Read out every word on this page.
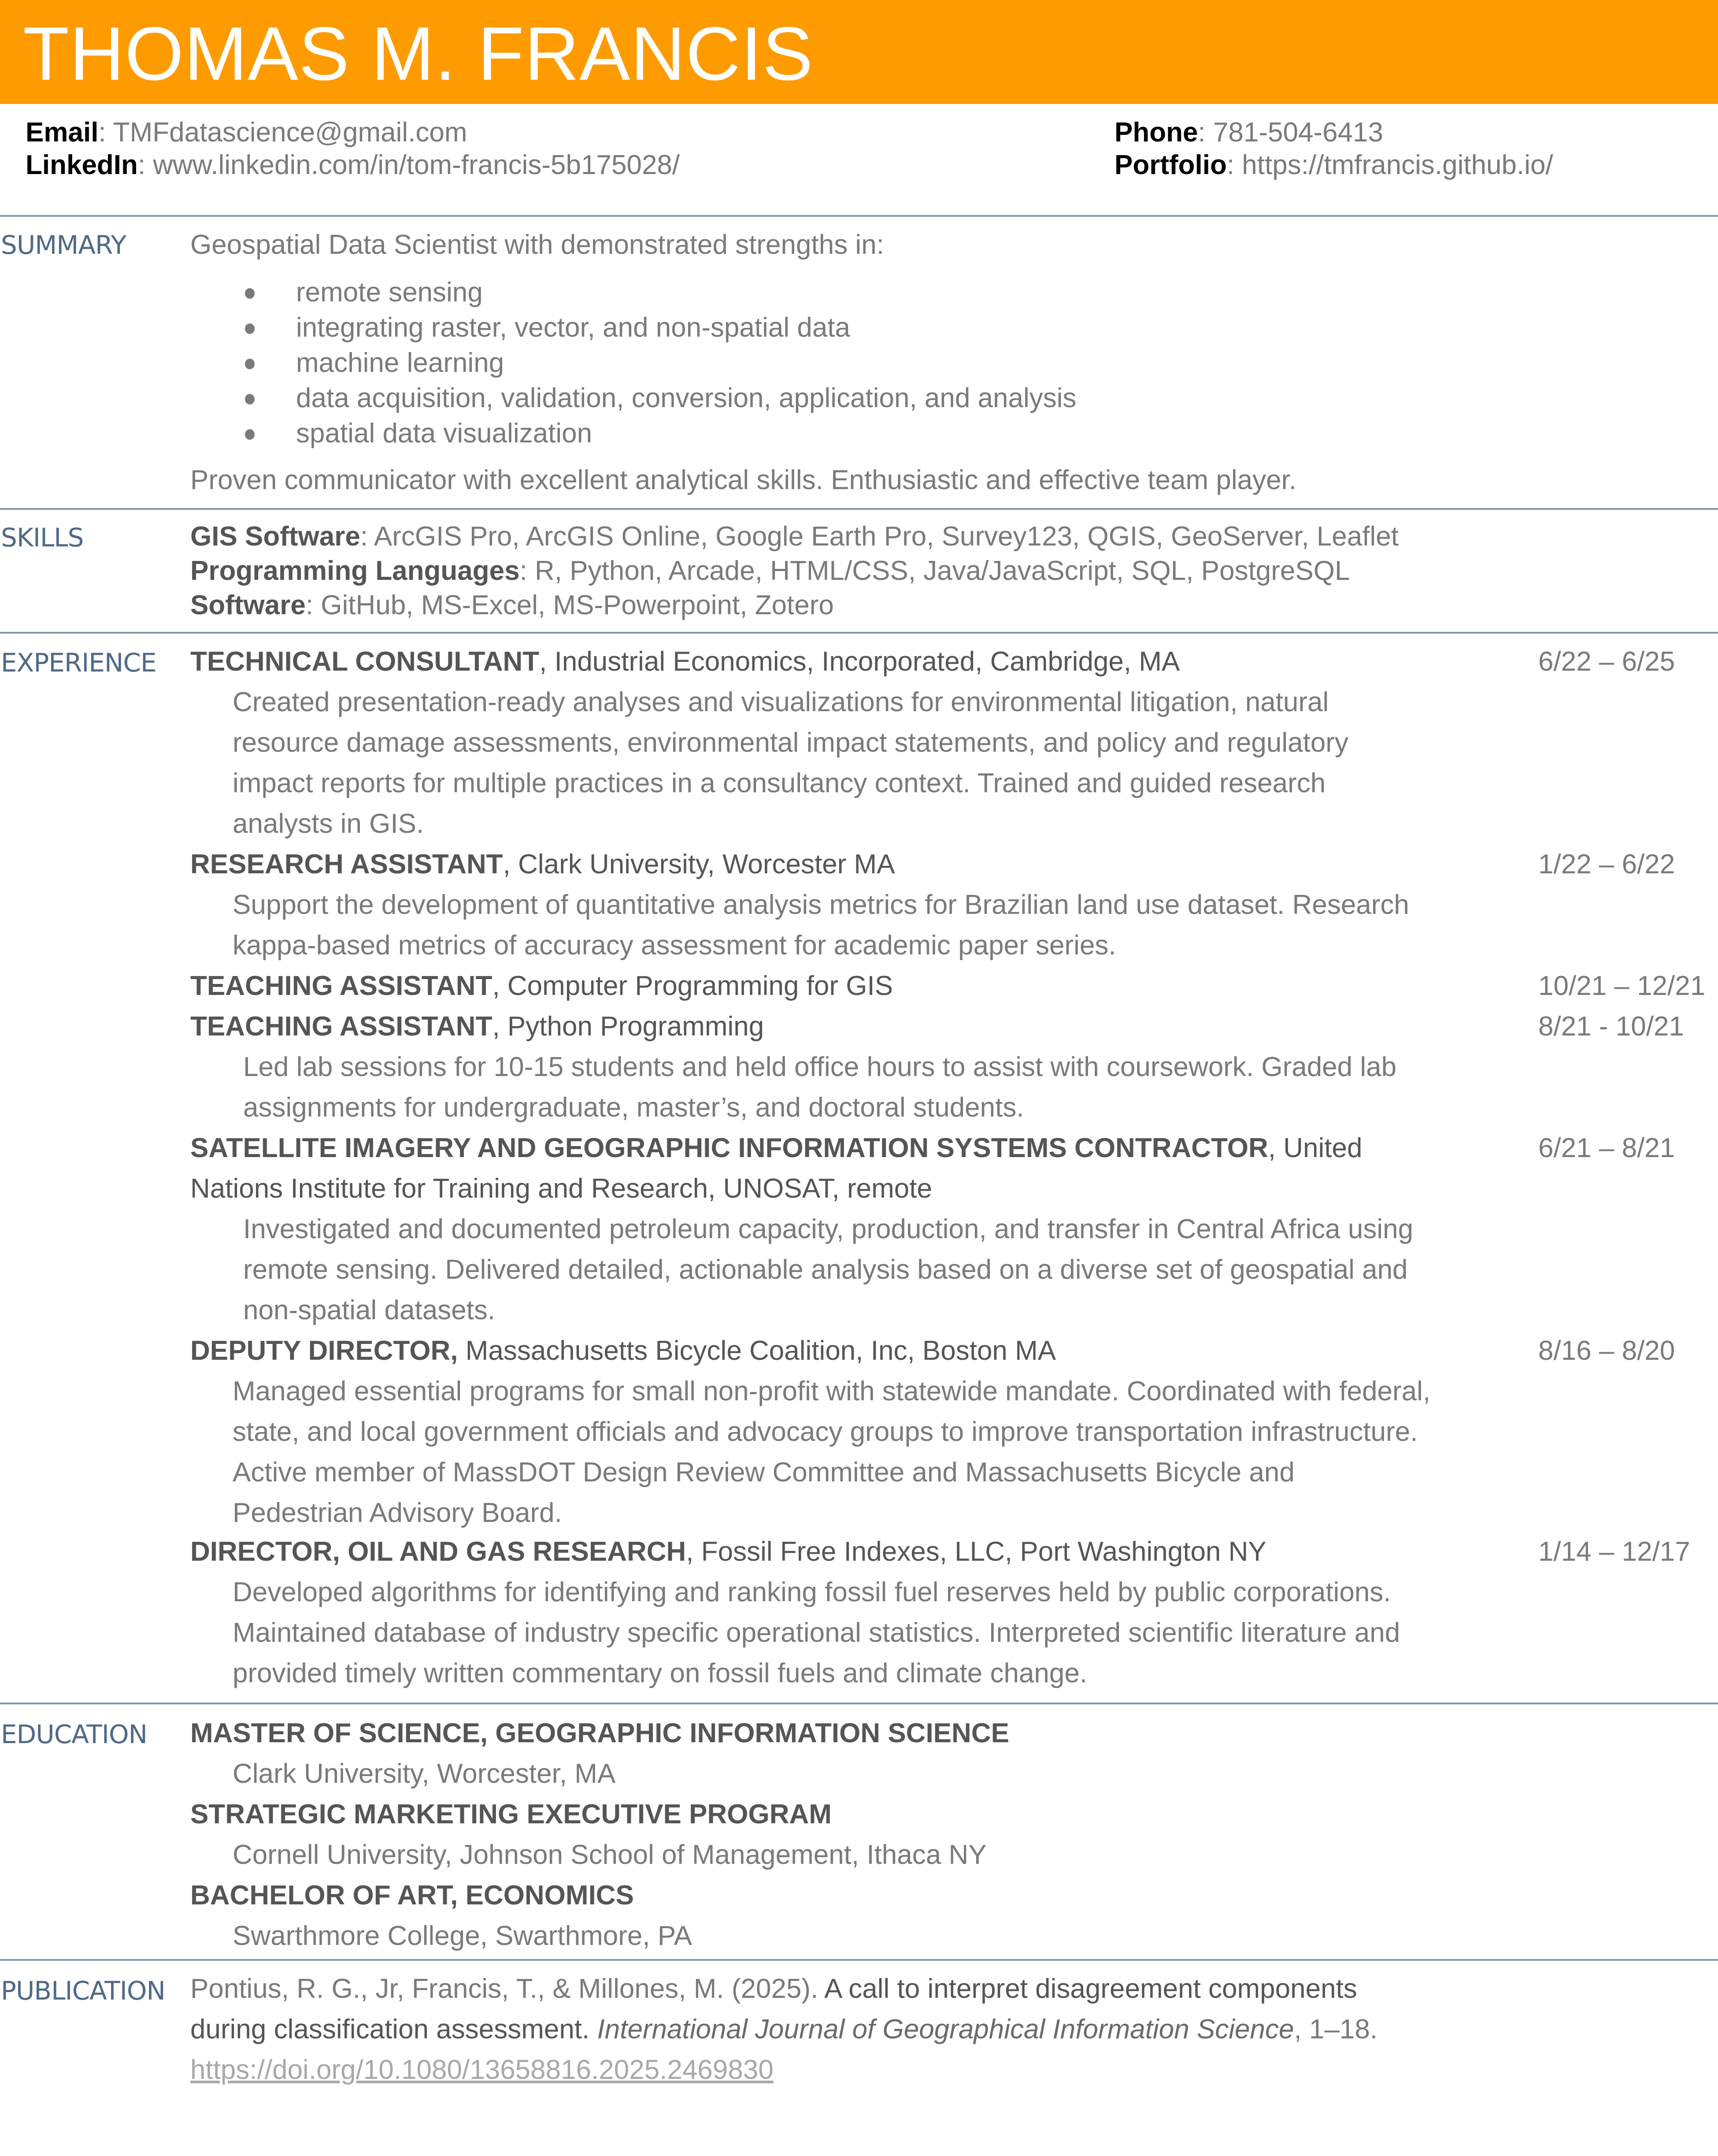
THOMAS M. FRANCIS
Email: TMFdatascience@gmail.com
LinkedIn: www.linkedin.com/in/tom-francis-5b175028/
Phone: 781-504-6413
Portfolio: https://tmfrancis.github.io/
SUMMARY Geospatial Data Scientist with demonstrated strengths in:
remote sensing
integrating raster, vector, and non-spatial data
machine learning
data acquisition, validation, conversion, application, and analysis
spatial data visualization
Proven communicator with excellent analytical skills. Enthusiastic and effective team player.
SKILLS	GIS Software: ArcGIS Pro, ArcGIS Online, Google Earth Pro, Survey123, QGIS, GeoServer, Leaflet
Programming Languages: R, Python, Arcade, HTML/CSS, Java/JavaScript, SQL, PostgreSQL
Software: GitHub, MS-Excel, MS-Powerpoint, Zotero
EXPERIENCE TECHNICAL CONSULTANT, Industrial Economics, Incorporated, Cambridge, MA	6/22 – 6/25
Created presentation-ready analyses and visualizations for environmental litigation, natural
resource damage assessments, environmental impact statements, and policy and regulatory
impact reports for multiple practices in a consultancy context. Trained and guided research
analysts in GIS.
RESEARCH ASSISTANT, Clark University, Worcester MA	1/22 – 6/22
Support the development of quantitative analysis metrics for Brazilian land use dataset. Research
kappa-based metrics of accuracy assessment for academic paper series.
TEACHING ASSISTANT, Computer Programming for GIS	10/21 – 12/21
TEACHING ASSISTANT, Python Programming	8/21 - 10/21
Led lab sessions for 10-15 students and held office hours to assist with coursework. Graded lab
assignments for undergraduate, master’s, and doctoral students.
SATELLITE IMAGERY AND GEOGRAPHIC INFORMATION SYSTEMS CONTRACTOR, United	6/21 – 8/21
Nations Institute for Training and Research, UNOSAT, remote
Investigated and documented petroleum capacity, production, and transfer in Central Africa using
remote sensing. Delivered detailed, actionable analysis based on a diverse set of geospatial and
non-spatial datasets.
DEPUTY DIRECTOR, Massachusetts Bicycle Coalition, Inc, Boston MA	8/16 – 8/20
Managed essential programs for small non-profit with statewide mandate. Coordinated with federal,
state, and local government officials and advocacy groups to improve transportation infrastructure.
Active member of MassDOT Design Review Committee and Massachusetts Bicycle and
Pedestrian Advisory Board.
DIRECTOR, OIL AND GAS RESEARCH, Fossil Free Indexes, LLC, Port Washington NY	1/14 – 12/17
Developed algorithms for identifying and ranking fossil fuel reserves held by public corporations.
Maintained database of industry specific operational statistics. Interpreted scientific literature and
provided timely written commentary on fossil fuels and climate change.
EDUCATION MASTER OF SCIENCE, GEOGRAPHIC INFORMATION SCIENCE
Clark University, Worcester, MA
STRATEGIC MARKETING EXECUTIVE PROGRAM
Cornell University, Johnson School of Management, Ithaca NY
BACHELOR OF ART, ECONOMICS
Swarthmore College, Swarthmore, PA
PUBLICATION Pontius, R. G., Jr, Francis, T., & Millones, M. (2025). A call to interpret disagreement components
during classification assessment. International Journal of Geographical Information Science, 1–18.
https://doi.org/10.1080/13658816.2025.2469830
